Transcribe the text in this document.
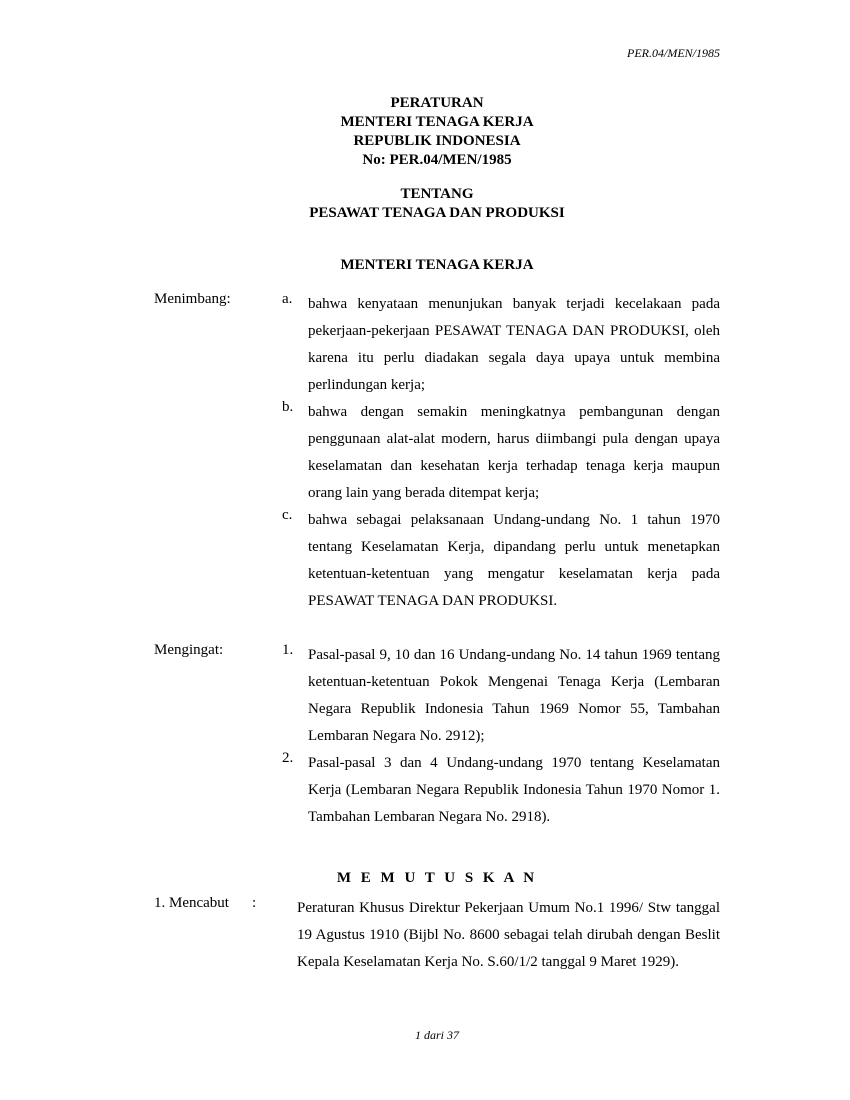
PER.04/MEN/1985
PERATURAN
MENTERI TENAGA KERJA
REPUBLIK INDONESIA
No: PER.04/MEN/1985
TENTANG
PESAWAT TENAGA DAN PRODUKSI
MENTERI TENAGA KERJA
Menimbang:	a. bahwa kenyataan menunjukan banyak terjadi kecelakaan pada pekerjaan-pekerjaan PESAWAT TENAGA DAN PRODUKSI, oleh karena itu perlu diadakan segala daya upaya untuk membina perlindungan kerja;
b. bahwa dengan semakin meningkatnya pembangunan dengan penggunaan alat-alat modern, harus diimbangi pula dengan upaya keselamatan dan kesehatan kerja terhadap tenaga kerja maupun orang lain yang berada ditempat kerja;
c. bahwa sebagai pelaksanaan Undang-undang No. 1 tahun 1970 tentang Keselamatan Kerja, dipandang perlu untuk menetapkan ketentuan-ketentuan yang mengatur keselamatan kerja pada PESAWAT TENAGA DAN PRODUKSI.
Mengingat:	1. Pasal-pasal 9, 10 dan 16 Undang-undang No. 14 tahun 1969 tentang ketentuan-ketentuan Pokok Mengenai Tenaga Kerja (Lembaran Negara Republik Indonesia Tahun 1969 Nomor 55, Tambahan Lembaran Negara No. 2912);
2. Pasal-pasal 3 dan 4 Undang-undang 1970 tentang Keselamatan Kerja (Lembaran Negara Republik Indonesia Tahun 1970 Nomor 1. Tambahan Lembaran Negara No. 2918).
M E M U T U S K A N
1. Mencabut :	Peraturan Khusus Direktur Pekerjaan Umum No.1 1996/ Stw tanggal 19 Agustus 1910 (Bijbl No. 8600 sebagai telah dirubah dengan Beslit Kepala Keselamatan Kerja No. S.60/1/2 tanggal 9 Maret 1929).
1 dari 37
